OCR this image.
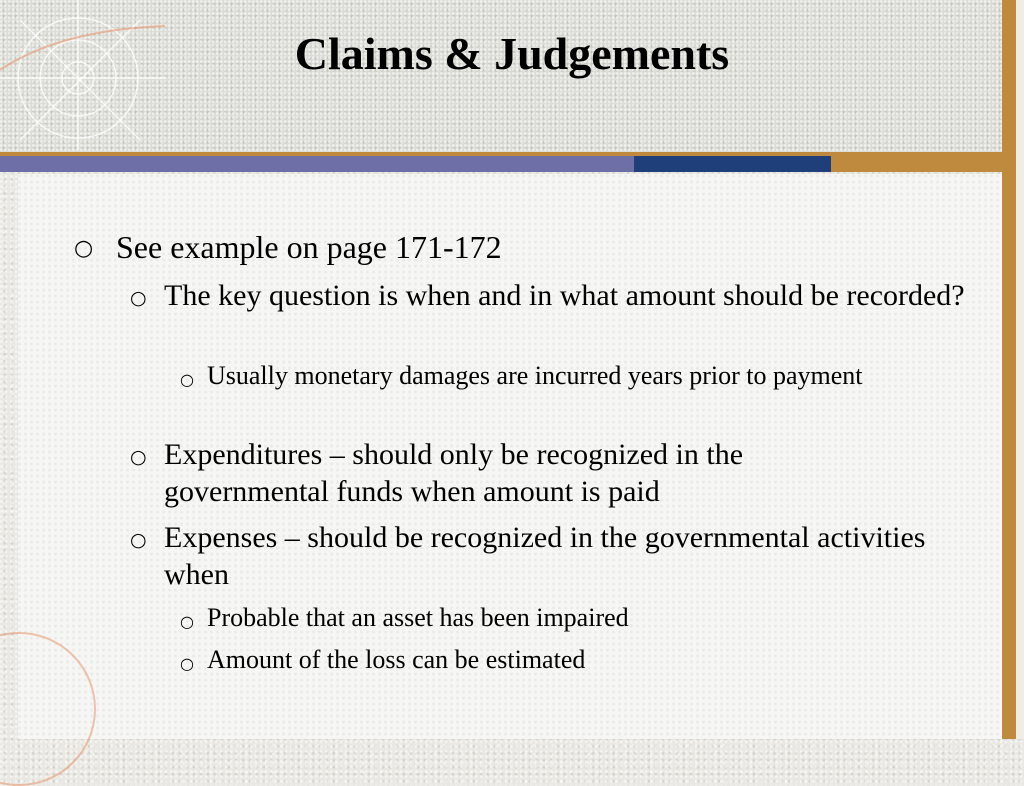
Claims & Judgements
○ See example on page 171-172
○ The key question is when and in what amount should be recorded?
○ Usually monetary damages are incurred years prior to payment
○ Expenditures – should only be recognized in the governmental funds when amount is paid
○ Expenses – should be recognized in the governmental activities when
○ Probable that an asset has been impaired
○ Amount of the loss can be estimated
